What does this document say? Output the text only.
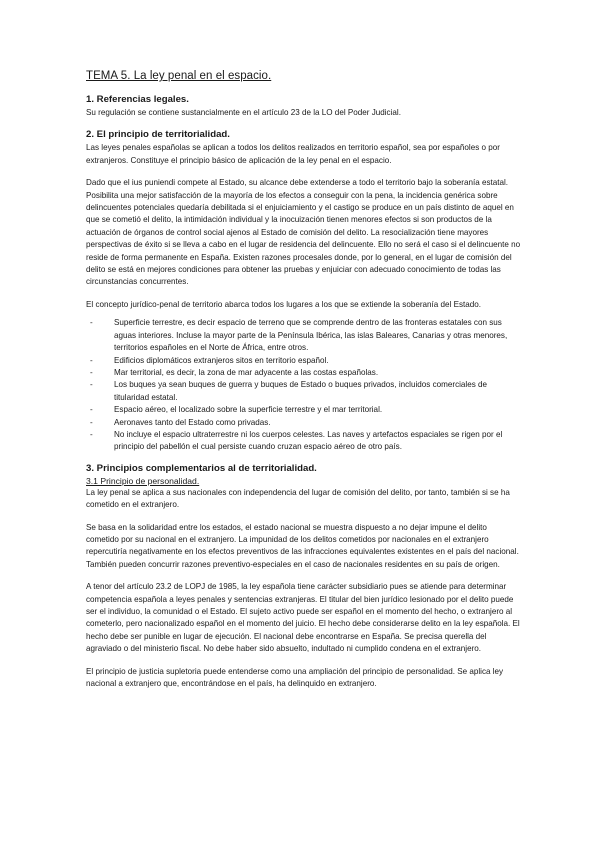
TEMA 5. La ley penal en el espacio.
1. Referencias legales.

Su regulación se contiene sustancialmente en el artículo 23 de la LO del Poder Judicial.

2. El principio de territorialidad.

Las leyes penales españolas se aplican a todos los delitos realizados en territorio español, sea por españoles o por extranjeros. Constituye el principio básico de aplicación de la ley penal en el espacio.

Dado que el ius puniendi compete al Estado, su alcance debe extenderse a todo el territorio bajo la soberanía estatal. Posibilita una mejor satisfacción de la mayoría de los efectos a conseguir con la pena, la incidencia genérica sobre delincuentes potenciales quedaría debilitada si el enjuiciamiento y el castigo se produce en un país distinto de aquel en que se cometió el delito, la intimidación individual y la inocuización tienen menores efectos si son productos de la actuación de órganos de control social ajenos al Estado de comisión del delito. La resocialización tiene mayores perspectivas de éxito si se lleva a cabo en el lugar de residencia del delincuente. Ello no será el caso si el delincuente no reside de forma permanente en España. Existen razones procesales donde, por lo general, en el lugar de comisión del delito se está en mejores condiciones para obtener las pruebas y enjuiciar con adecuado conocimiento de todas las circunstancias concurrentes.

El concepto jurídico-penal de territorio abarca todos los lugares a los que se extiende la soberanía del Estado.

- Superficie terrestre, es decir espacio de terreno que se comprende dentro de las fronteras estatales con sus aguas interiores. Incluse la mayor parte de la Península Ibérica, las islas Baleares, Canarias y otras menores, territorios españoles en el Norte de África, entre otros.
- Edificios diplomáticos extranjeros sitos en territorio español.
- Mar territorial, es decir, la zona de mar adyacente a las costas españolas.
- Los buques ya sean buques de guerra y buques de Estado o buques privados, incluidos comerciales de titularidad estatal.
- Espacio aéreo, el localizado sobre la superficie terrestre y el mar territorial.
- Aeronaves tanto del Estado como privadas.
- No incluye el espacio ultraterrestre ni los cuerpos celestes. Las naves y artefactos espaciales se rigen por el principio del pabellón el cual persiste cuando cruzan espacio aéreo de otro país.
3. Principios complementarios al de territorialidad.
3.1 Principio de personalidad.

La ley penal se aplica a sus nacionales con independencia del lugar de comisión del delito, por tanto, también si se ha cometido en el extranjero.

Se basa en la solidaridad entre los estados, el estado nacional se muestra dispuesto a no dejar impune el delito cometido por su nacional en el extranjero. La impunidad de los delitos cometidos por nacionales en el extranjero repercutiría negativamente en los efectos preventivos de las infracciones equivalentes existentes en el país del nacional. También pueden concurrir razones preventivo-especiales en el caso de nacionales residentes en su país de origen.

A tenor del artículo 23.2 de LOPJ de 1985, la ley española tiene carácter subsidiario pues se atiende para determinar competencia española a leyes penales y sentencias extranjeras. El titular del bien jurídico lesionado por el delito puede ser el individuo, la comunidad o el Estado. El sujeto activo puede ser español en el momento del hecho, o extranjero al cometerlo, pero nacionalizado español en el momento del juicio. El hecho debe considerarse delito en la ley española. El hecho debe ser punible en lugar de ejecución. El nacional debe encontrarse en España. Se precisa querella del agraviado o del ministerio fiscal. No debe haber sido absuelto, indultado ni cumplido condena en el extranjero.

El principio de justicia supletoria puede entenderse como una ampliación del principio de personalidad. Se aplica ley nacional a extranjero que, encontrándose en el país, ha delinquido en extranjero.
